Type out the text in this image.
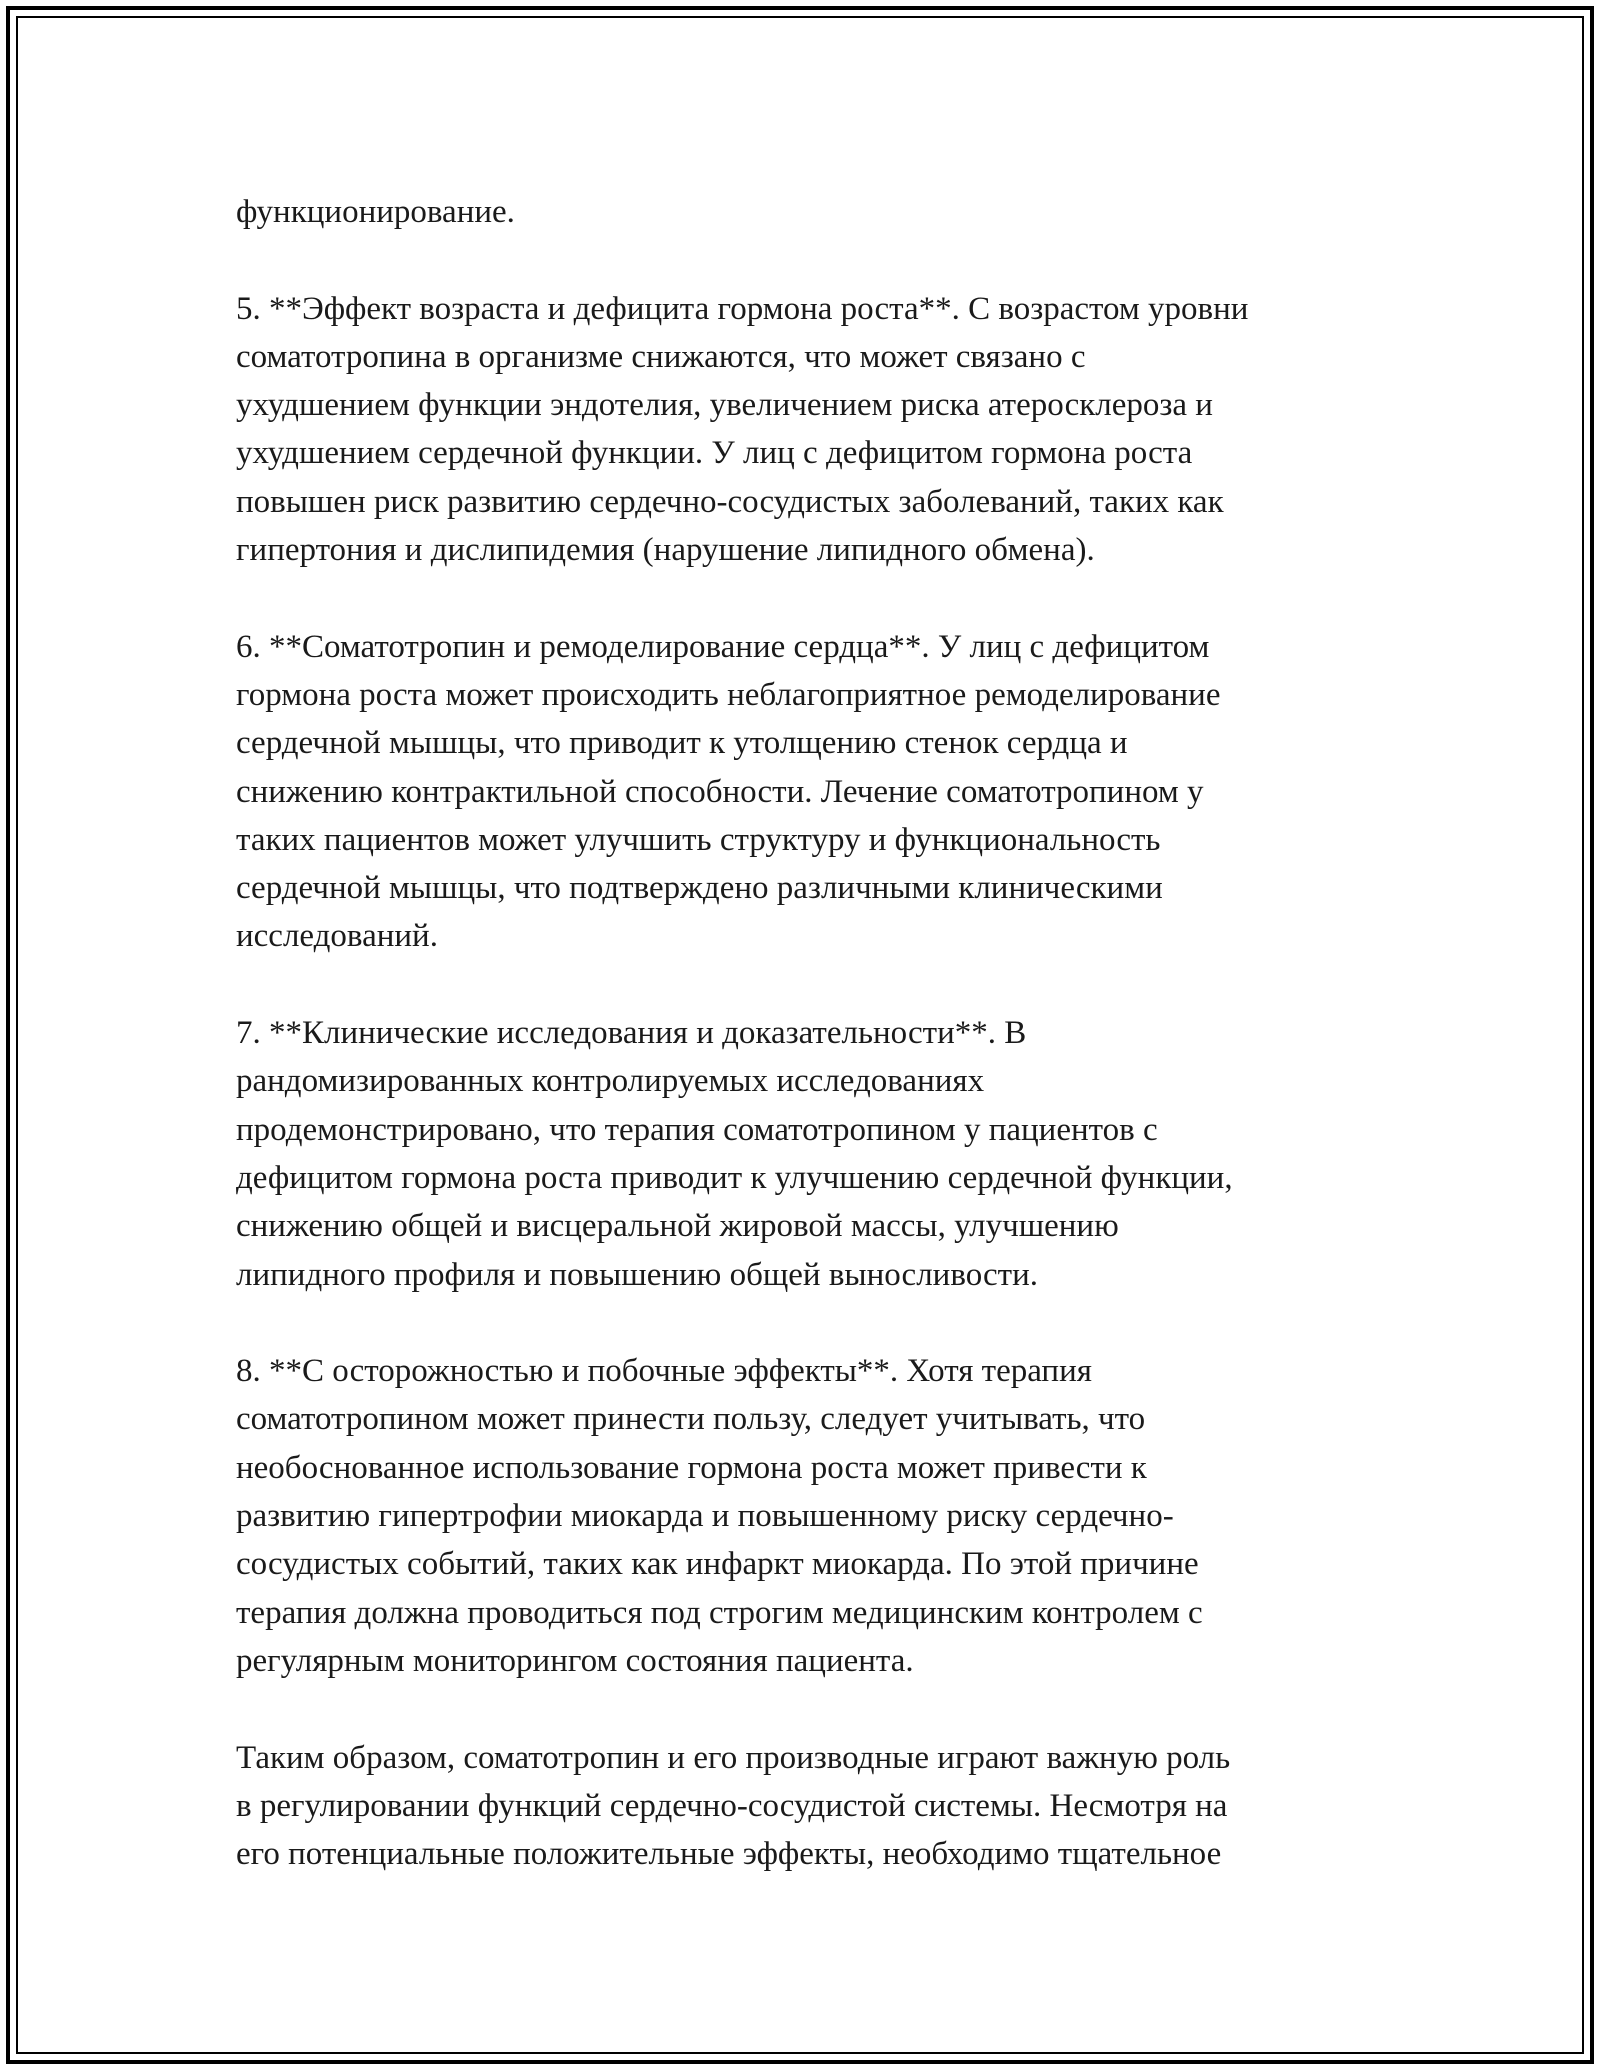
функционирование.
5. **Эффект возраста и дефицита гормона роста**. С возрастом уровни
соматотропина в организме снижаются, что может связано с
ухудшением функции эндотелия, увеличением риска атеросклероза и
ухудшением сердечной функции. У лиц с дефицитом гормона роста
повышен риск развитию сердечно-сосудистых заболеваний, таких как
гипертония и дислипидемия (нарушение липидного обмена).
6. **Соматотропин и ремоделирование сердца**. У лиц с дефицитом
гормона роста может происходить неблагоприятное ремоделирование
сердечной мышцы, что приводит к утолщению стенок сердца и
снижению контрактильной способности. Лечение соматотропином у
таких пациентов может улучшить структуру и функциональность
сердечной мышцы, что подтверждено различными клиническими
исследований.
7. **Клинические исследования и доказательности**. В
рандомизированных контролируемых исследованиях
продемонстрировано, что терапия соматотропином у пациентов с
дефицитом гормона роста приводит к улучшению сердечной функции,
снижению общей и висцеральной жировой массы, улучшению
липидного профиля и повышению общей выносливости.
8. **С осторожностью и побочные эффекты**. Хотя терапия
соматотропином может принести пользу, следует учитывать, что
необоснованное использование гормона роста может привести к
развитию гипертрофии миокарда и повышенному риску сердечно-
сосудистых событий, таких как инфаркт миокарда. По этой причине
терапия должна проводиться под строгим медицинским контролем с
регулярным мониторингом состояния пациента.
Таким образом, соматотропин и его производные играют важную роль
в регулировании функций сердечно-сосудистой системы. Несмотря на
его потенциальные положительные эффекты, необходимо тщательное
